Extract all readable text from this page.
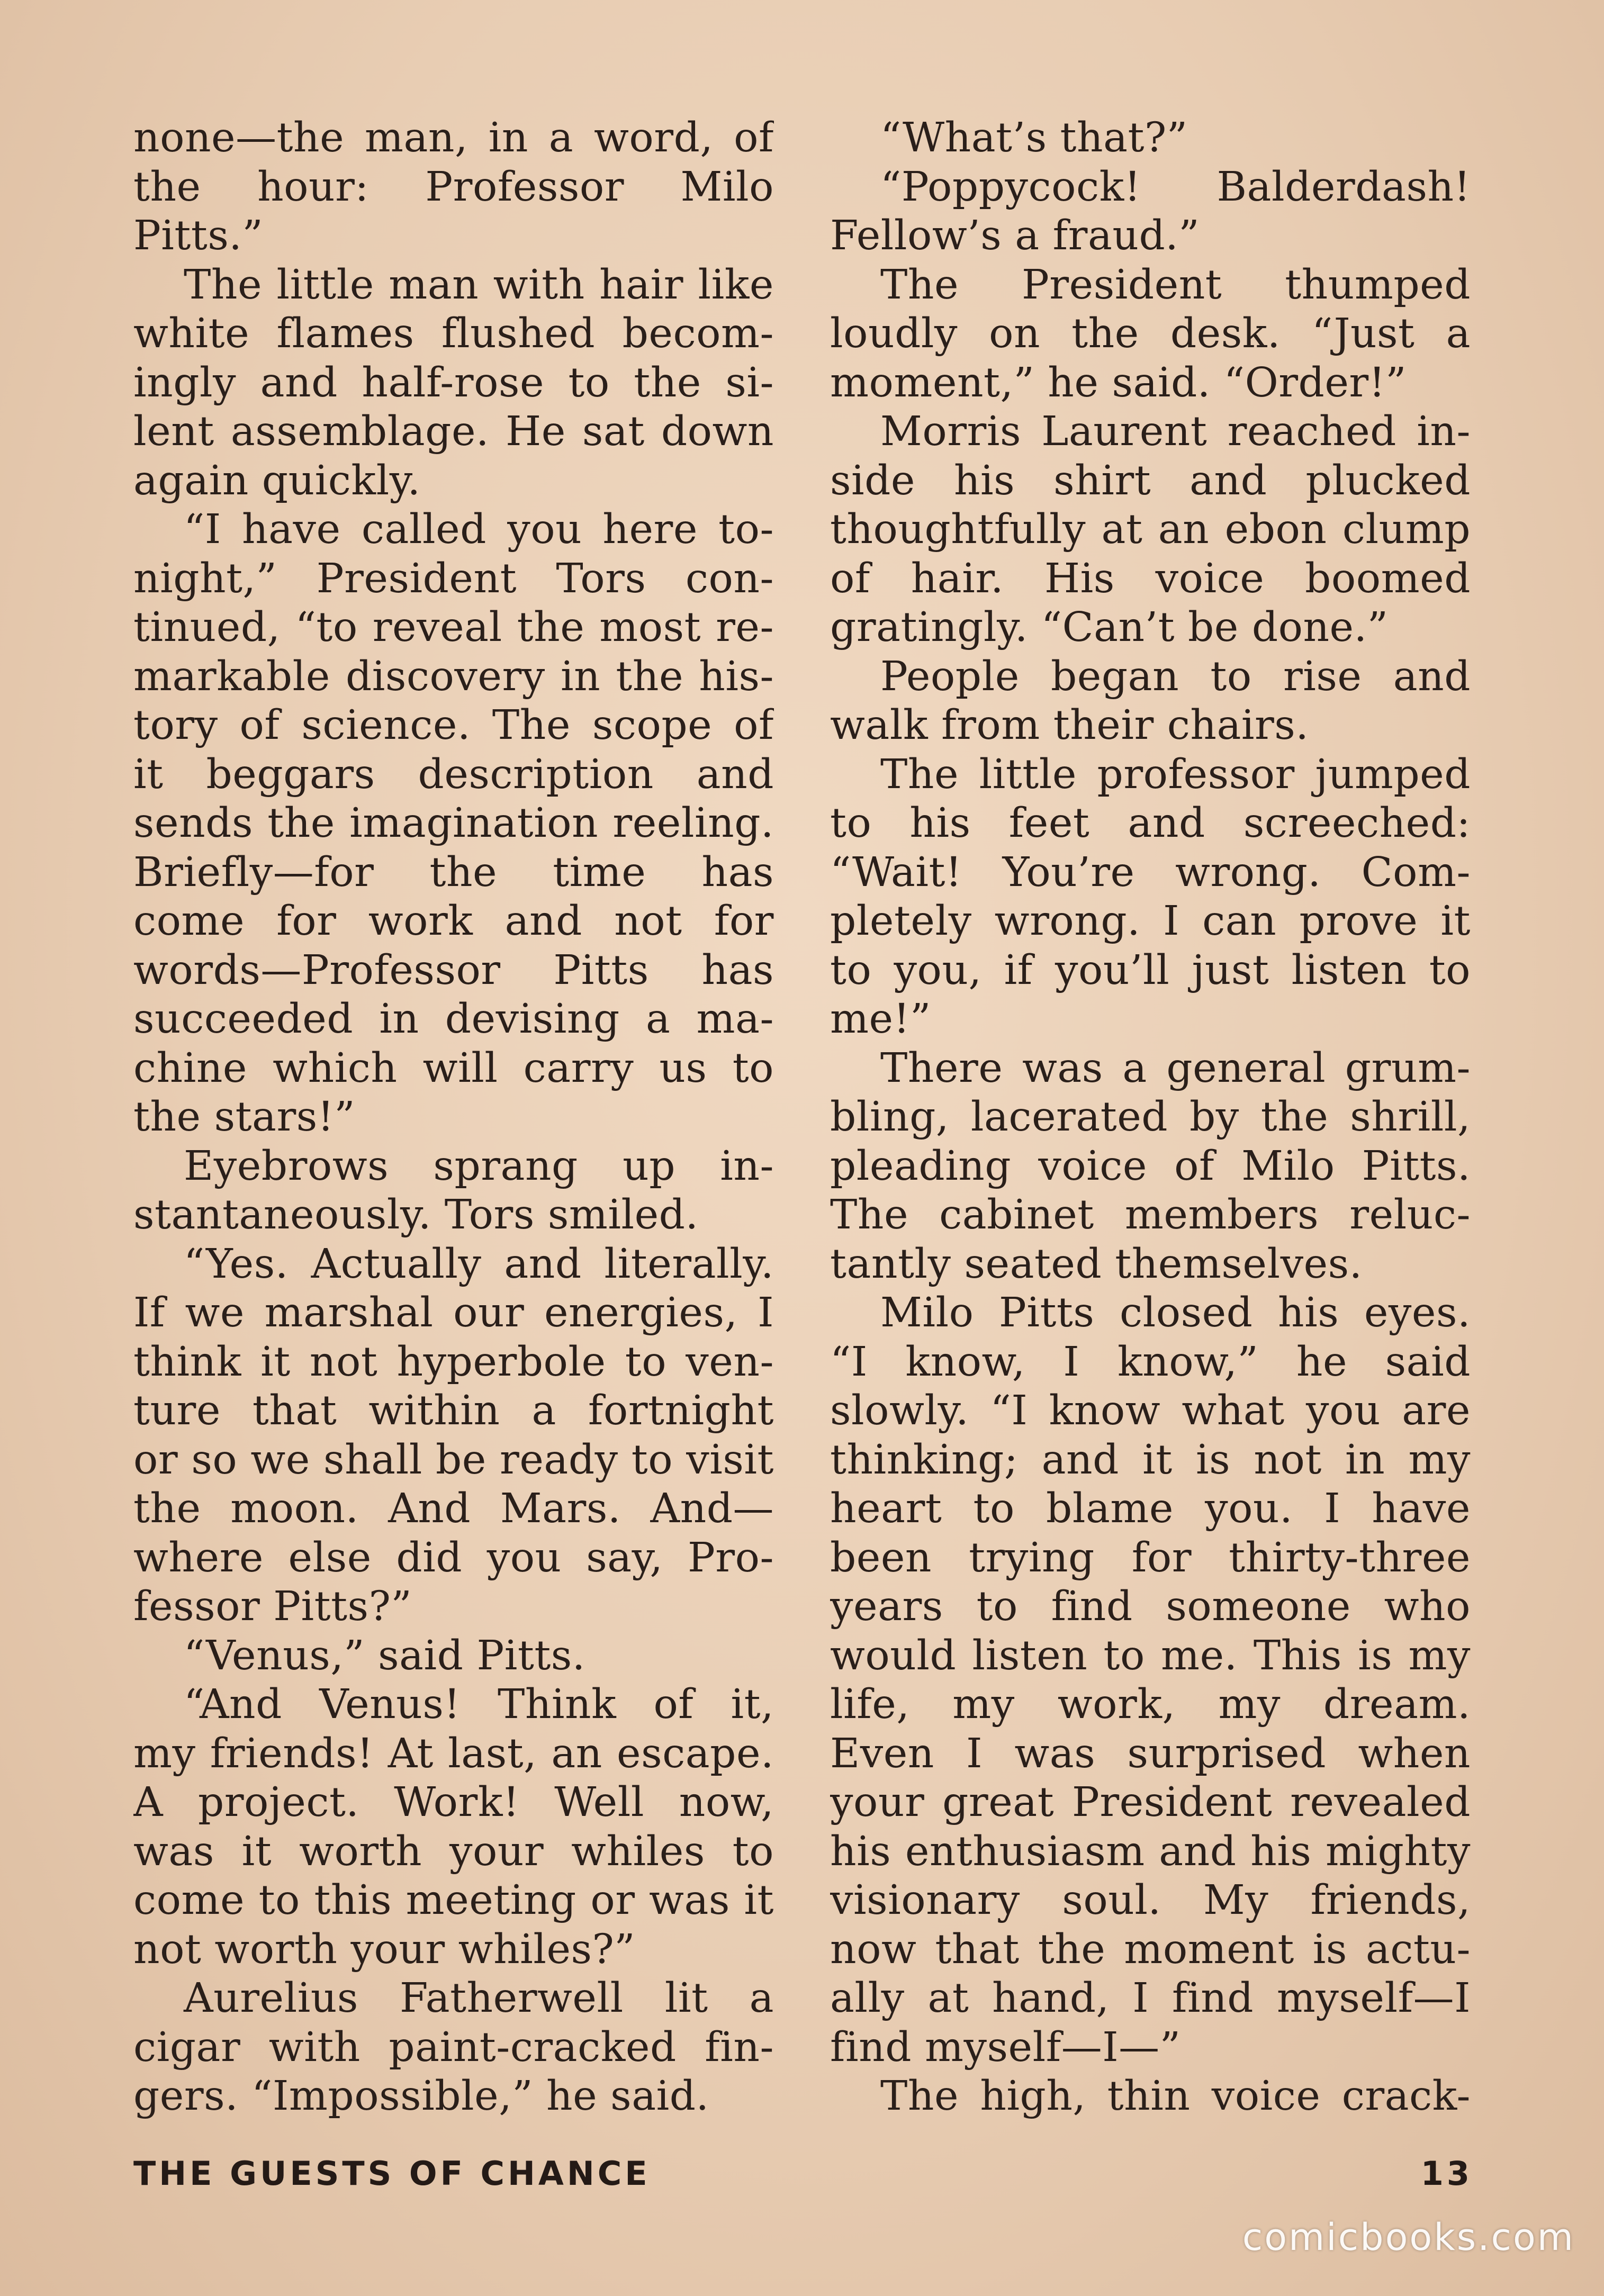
none—the man, in a word, of
the hour: Professor Milo
Pitts.”
The little man with hair like
white flames flushed becom-
ingly and half-rose to the si-
lent assemblage. He sat down
again quickly.
“I have called you here to-
night,” President Tors con-
tinued, “to reveal the most re-
markable discovery in the his-
tory of science. The scope of
it beggars description and
sends the imagination reeling.
Briefly—for the time has
come for work and not for
words—Professor Pitts has
succeeded in devising a ma-
chine which will carry us to
the stars!”
Eyebrows sprang up in-
stantaneously. Tors smiled.
“Yes. Actually and literally.
If we marshal our energies, I
think it not hyperbole to ven-
ture that within a fortnight
or so we shall be ready to visit
the moon. And Mars. And—
where else did you say, Pro-
fessor Pitts?”
“Venus,” said Pitts.
“And Venus! Think of it,
my friends! At last, an escape.
A project. Work! Well now,
was it worth your whiles to
come to this meeting or was it
not worth your whiles?”
Aurelius Fatherwell lit a
cigar with paint-cracked fin-
gers. “Impossible,” he said.
“What’s that?”
“Poppycock! Balderdash!
Fellow’s a fraud.”
The President thumped
loudly on the desk. “Just a
moment,” he said. “Order!”
Morris Laurent reached in-
side his shirt and plucked
thoughtfully at an ebon clump
of hair. His voice boomed
gratingly. “Can’t be done.”
People began to rise and
walk from their chairs.
The little professor jumped
to his feet and screeched:
“Wait! You’re wrong. Com-
pletely wrong. I can prove it
to you, if you’ll just listen to
me!”
There was a general grum-
bling, lacerated by the shrill,
pleading voice of Milo Pitts.
The cabinet members reluc-
tantly seated themselves.
Milo Pitts closed his eyes.
“I know, I know,” he said
slowly. “I know what you are
thinking; and it is not in my
heart to blame you. I have
been trying for thirty-three
years to find someone who
would listen to me. This is my
life, my work, my dream.
Even I was surprised when
your great President revealed
his enthusiasm and his mighty
visionary soul. My friends,
now that the moment is actu-
ally at hand, I find myself—I
find myself—I—”
The high, thin voice crack-
THE GUESTS OF CHANCE	13
comicbooks.com
